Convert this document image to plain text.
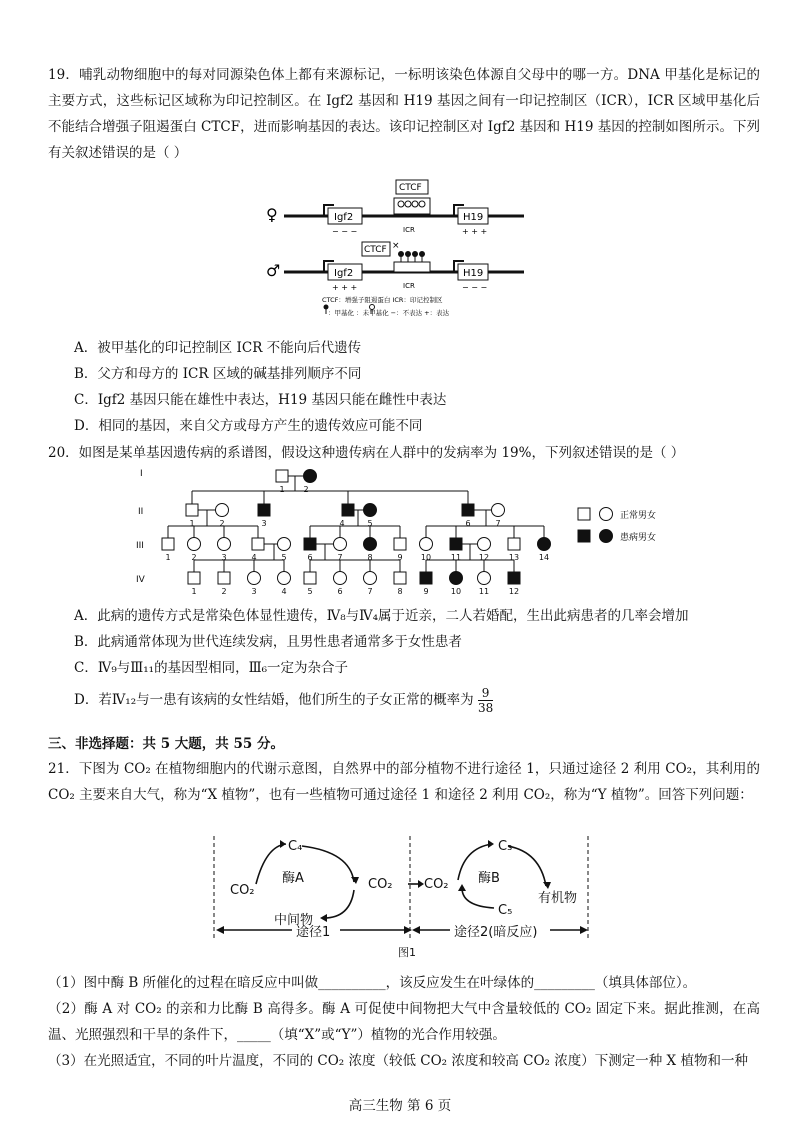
19．哺乳动物细胞中的每对同源染色体上都有来源标记，一标明该染色体源自父母中的哪一方。DNA 甲基化是标记的主要方式，这些标记区域称为印记控制区。在 Igf2 基因和 H19 基因之间有一印记控制区（ICR），ICR 区域甲基化后不能结合增强子阻遏蛋白 CTCF，进而影响基因的表达。该印记控制区对 Igf2 基因和 H19 基因的控制如图所示。下列有关叙述错误的是（ ）
♀	Igf2
− − −
CTCF
ICR
H19
+ + +
♂	Igf2
+ + +
CTCF ×
ICR
H19
− − −
CTCF：增强子阻遏蛋白 ICR：印记控制区
：甲基化 ：未甲基化 −：不表达 +：表达
A．被甲基化的印记控制区 ICR 不能向后代遗传
B．父方和母方的 ICR 区域的碱基排列顺序不同
C．Igf2 基因只能在雄性中表达，H19 基因只能在雌性中表达
D．相同的基因，来自父方或母方产生的遗传效应可能不同
20．如图是某单基因遗传病的系谱图，假设这种遗传病在人群中的发病率为 19%，下列叙述错误的是（ ）
I
II
III
IV
1 2
1	2	3	4	5	6	7
1	2	3	4	5	6	7	8	9 10 11 12 13 14
1	2	3	4	5	6	7	8	9	10 11 12
正常男女
患病男女
A．此病的遗传方式是常染色体显性遗传，Ⅳ₈与Ⅳ₄属于近亲，二人若婚配，生出此病患者的几率会增加
B．此病通常体现为世代连续发病，且男性患者通常多于女性患者
C．Ⅳ₉与Ⅲ₁₁的基因型相同，Ⅲ₆一定为杂合子
D．若Ⅳ₁₂与一患有该病的女性结婚，他们所生的子女正常的概率为 $\frac{9}{38}$
三、非选择题：共 5 大题，共 55 分。
21．下图为 CO₂ 在植物细胞内的代谢示意图，自然界中的部分植物不进行途径 1，只通过途径 2 利用 CO₂，其利用的 CO₂ 主要来自大气，称为“X 植物”，也有一些植物可通过途径 1 和途径 2 利用 CO₂，称为“Y 植物”。回答下列问题：
CO₂
C₄
酶A
中间物
CO₂ CO₂
C₃
酶B
C₅
有机物
途径1	途径2(暗反应)
图1
（1）图中酶 B 所催化的过程在暗反应中叫做__________，该反应发生在叶绿体的_________（填具体部位）。
（2）酶 A 对 CO₂ 的亲和力比酶 B 高得多。酶 A 可促使中间物把大气中含量较低的 CO₂ 固定下来。据此推测，在高温、光照强烈和干旱的条件下，_____（填“X”或“Y”）植物的光合作用较强。
（3）在光照适宜，不同的叶片温度，不同的 CO₂ 浓度（较低 CO₂ 浓度和较高 CO₂ 浓度）下测定一种 X 植物和一种
高三生物 第 6 页
